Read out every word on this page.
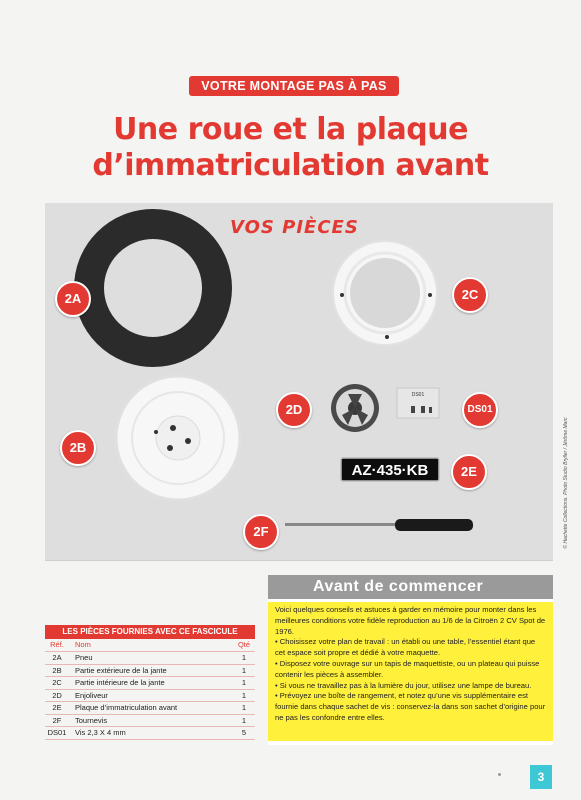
VOTRE MONTAGE PAS À PAS
Une roue et la plaque
d’immatriculation avant
VOS PIÈCES
DS01
AZ·435·KB
2A	2C
2D	DS01
2B
2E
2F	© Hachette Collections. Photo Studio Bryller / Jérôme Marc
LES PIÈCES FOURNIES AVEC CE FASCICULE
Réf.	Nom	Qté
2A	Pneu	1
2B	Partie extérieure de la jante	1
2C	Partie intérieure de la jante	1
2D	Enjoliveur	1
2E	Plaque d’immatriculation avant	1
2F	Tournevis	1
DS01	Vis 2,3 X 4 mm	5
Avant de commencer

Voici quelques conseils et astuces à garder en mémoire pour monter dans les meilleures conditions votre fidèle reproduction au 1/6 de la Citroën 2 CV Spot de 1976.

• Choisissez votre plan de travail : un établi ou une table, l’essentiel étant que cet espace soit propre et dédié à votre maquette.

• Disposez votre ouvrage sur un tapis de maquettiste, ou un plateau qui puisse contenir les pièces à assembler.

• Si vous ne travaillez pas à la lumière du jour, utilisez une lampe de bureau.

• Prévoyez une boîte de rangement, et notez qu’une vis supplémentaire est fournie dans chaque sachet de vis : conservez-la dans son sachet d’origine pour ne pas les confondre entre elles.

3
